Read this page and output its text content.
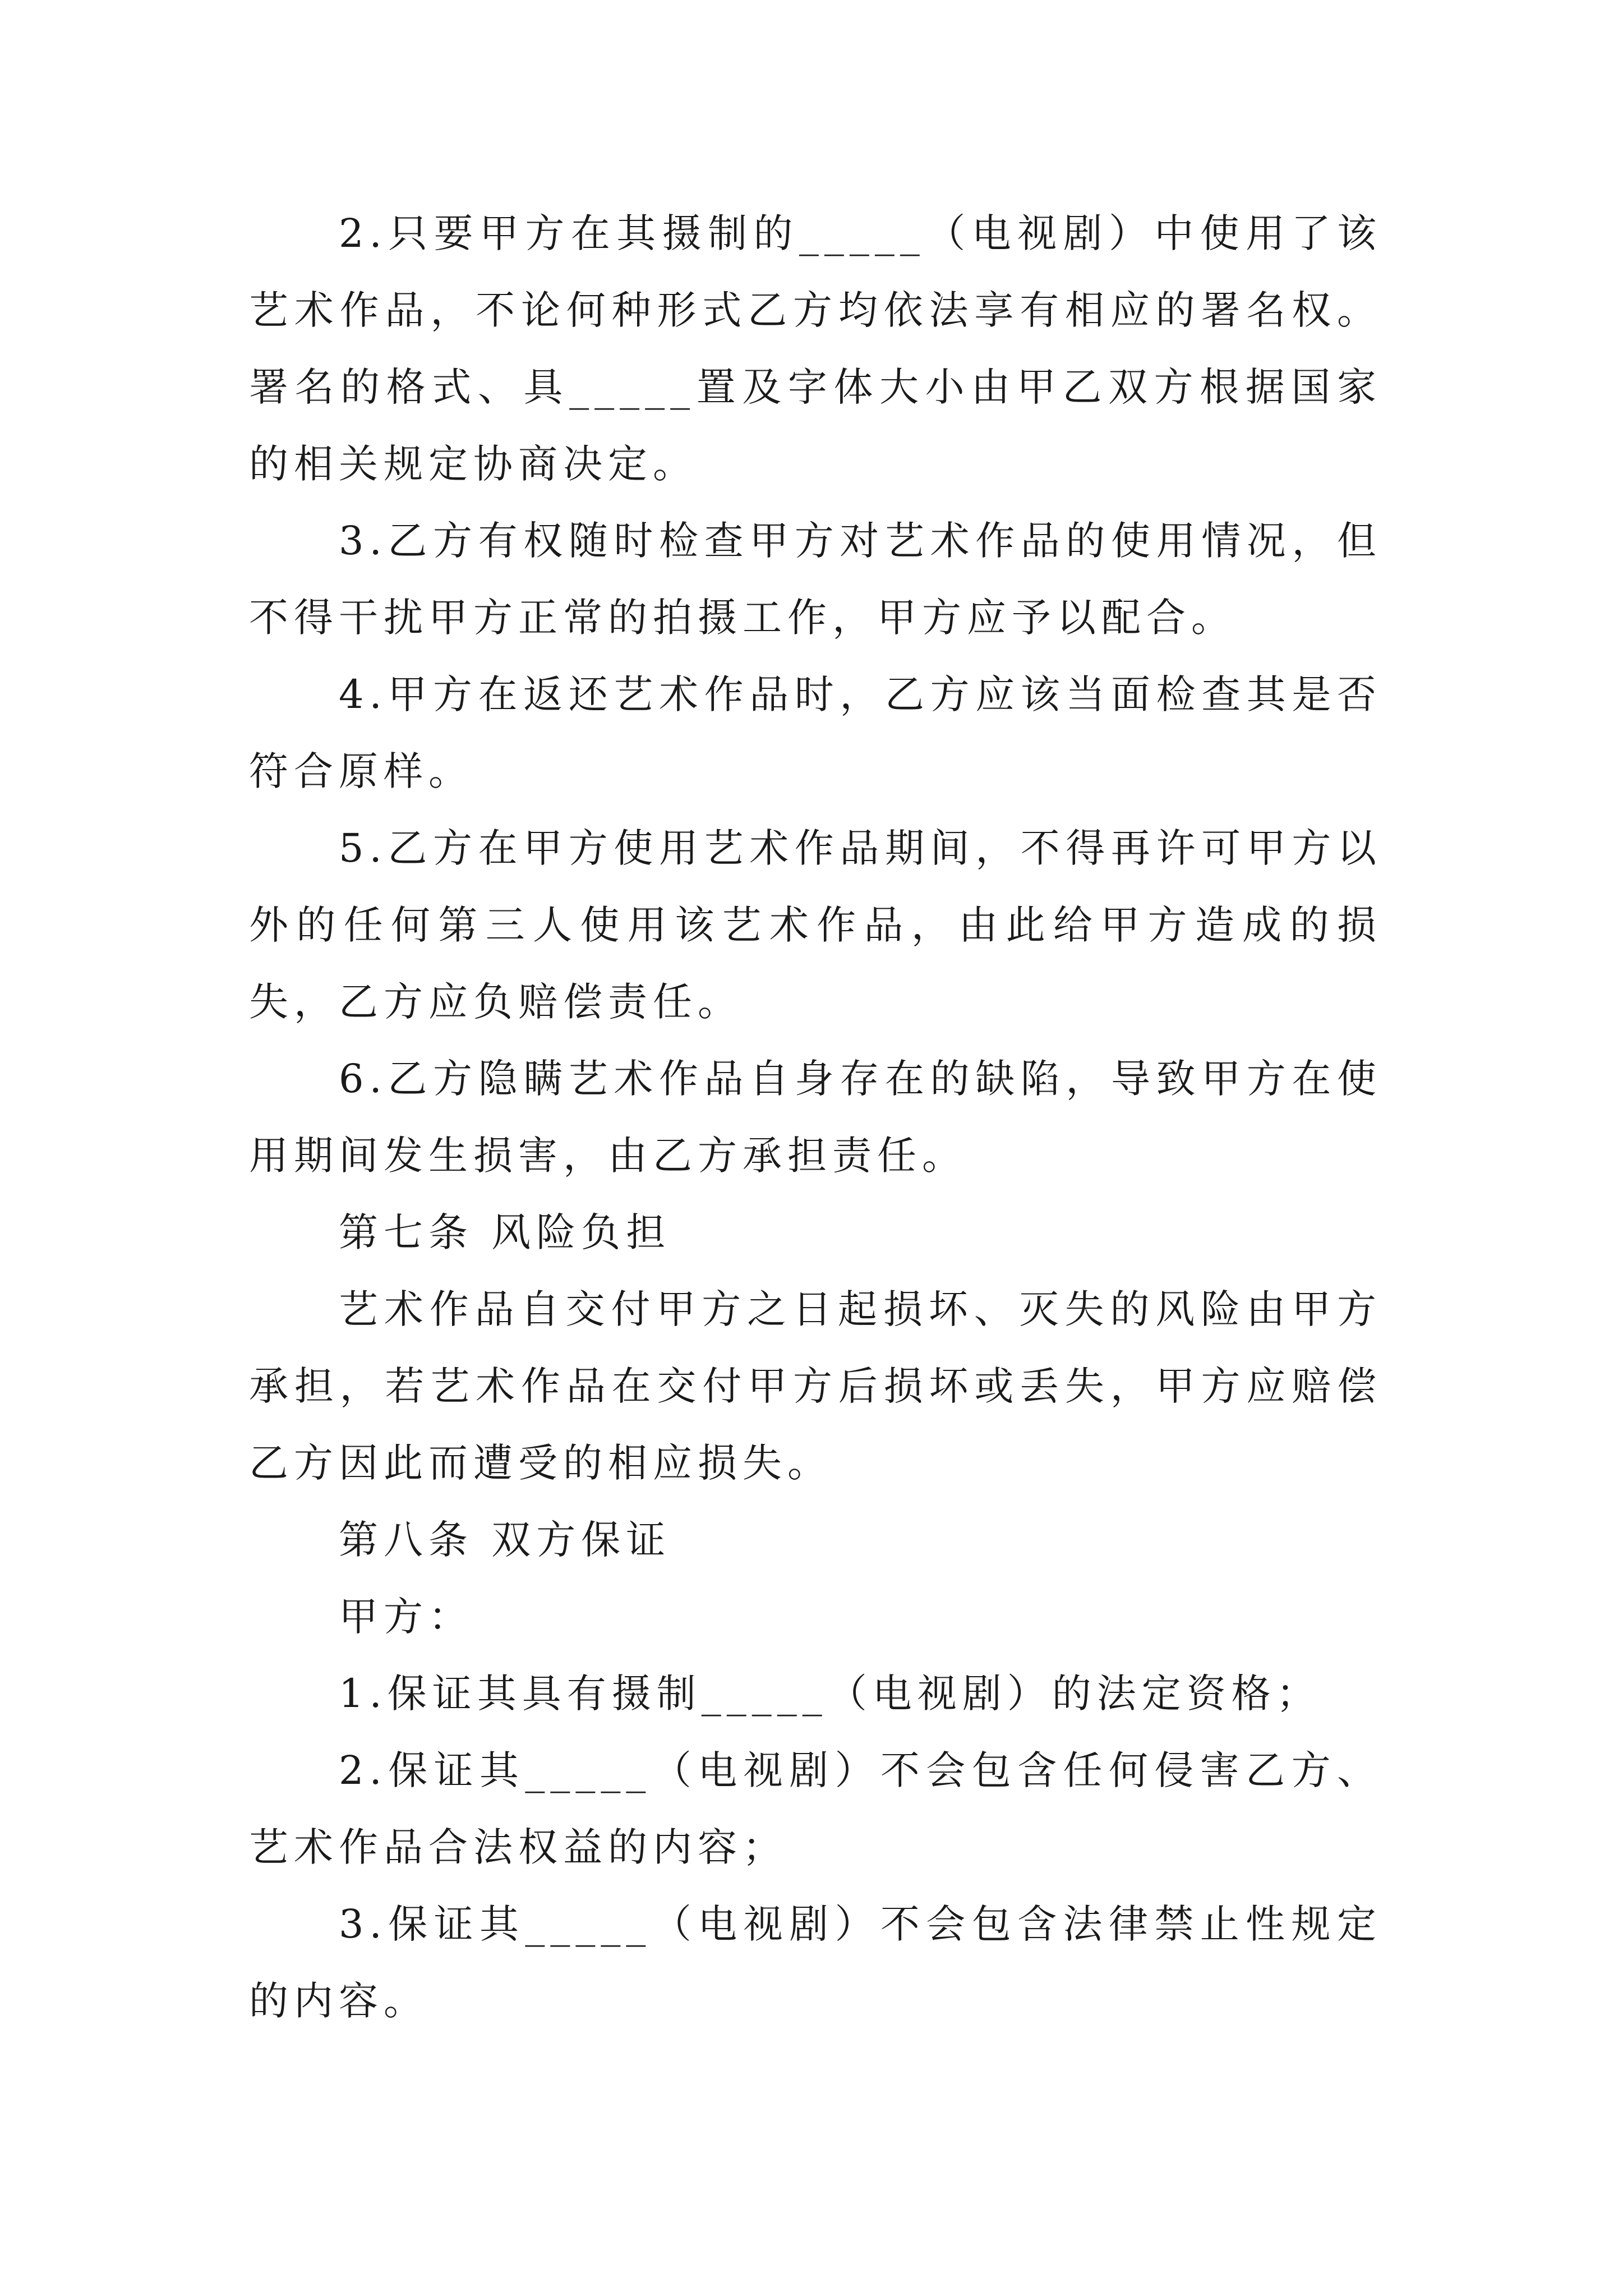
2.只要甲方在其摄制的_____（电视剧）中使用了该艺术作品，不论何种形式乙方均依法享有相应的署名权。署名的格式、具_____置及字体大小由甲乙双方根据国家的相关规定协商决定。

3.乙方有权随时检查甲方对艺术作品的使用情况，但不得干扰甲方正常的拍摄工作，甲方应予以配合。

4.甲方在返还艺术作品时，乙方应该当面检查其是否符合原样。

5.乙方在甲方使用艺术作品期间，不得再许可甲方以外的任何第三人使用该艺术作品，由此给甲方造成的损失，乙方应负赔偿责任。

6.乙方隐瞒艺术作品自身存在的缺陷，导致甲方在使用期间发生损害，由乙方承担责任。

第七条 风险负担

艺术作品自交付甲方之日起损坏、灭失的风险由甲方承担，若艺术作品在交付甲方后损坏或丢失，甲方应赔偿乙方因此而遭受的相应损失。

第八条 双方保证

甲方：

1.保证其具有摄制_____（电视剧）的法定资格；

2.保证其_____（电视剧）不会包含任何侵害乙方、艺术作品合法权益的内容；

3.保证其_____（电视剧）不会包含法律禁止性规定的内容。
